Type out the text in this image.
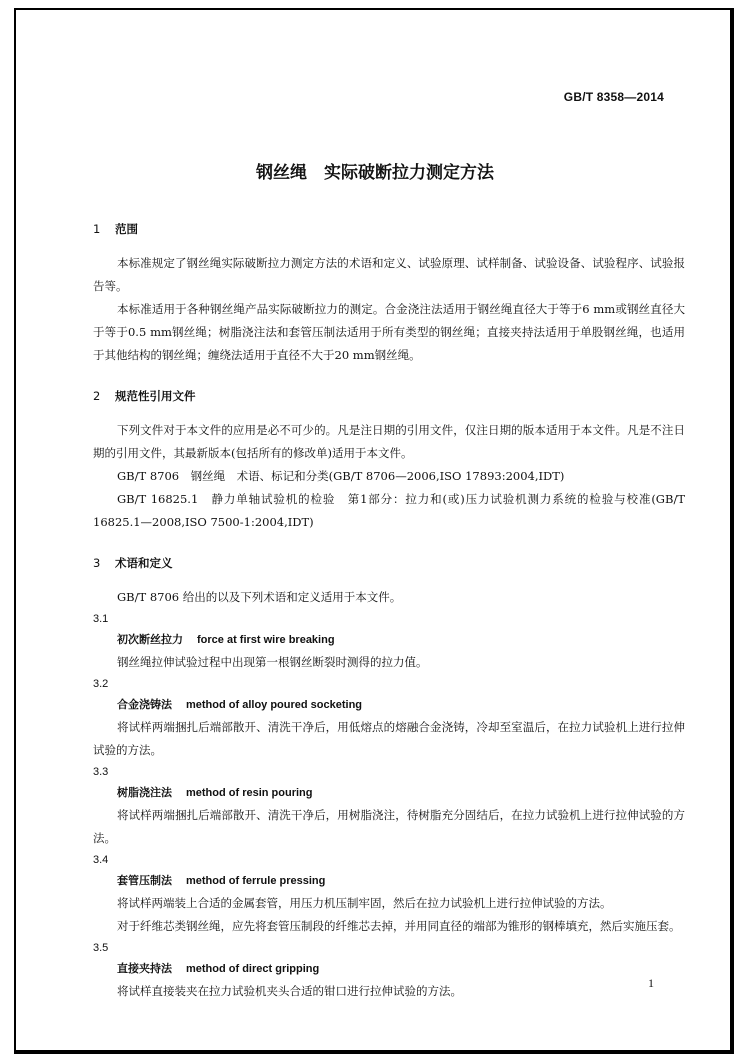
GB/T 8358—2014
钢丝绳　实际破断拉力测定方法

1 范围

本标准规定了钢丝绳实际破断拉力测定方法的术语和定义、试验原理、试样制备、试验设备、试验程序、试验报告等。

本标准适用于各种钢丝绳产品实际破断拉力的测定。合金浇注法适用于钢丝绳直径大于等于6 mm或钢丝直径大于等于0.5 mm钢丝绳；树脂浇注法和套管压制法适用于所有类型的钢丝绳；直接夹持法适用于单股钢丝绳，也适用于其他结构的钢丝绳；缠绕法适用于直径不大于20 mm钢丝绳。

2 规范性引用文件

下列文件对于本文件的应用是必不可少的。凡是注日期的引用文件，仅注日期的版本适用于本文件。凡是不注日期的引用文件，其最新版本(包括所有的修改单)适用于本文件。

GB/T 8706　钢丝绳　术语、标记和分类(GB/T 8706—2006,ISO 17893:2004,IDT)

GB/T 16825.1　静力单轴试验机的检验　第1部分：拉力和(或)压力试验机测力系统的检验与校准(GB/T 16825.1—2008,ISO 7500-1:2004,IDT)

3 术语和定义

GB/T 8706 给出的以及下列术语和定义适用于本文件。

3.1

初次断丝拉力 force at first wire breaking

钢丝绳拉伸试验过程中出现第一根钢丝断裂时测得的拉力值。

3.2

合金浇铸法 method of alloy poured socketing

将试样两端捆扎后端部散开、清洗干净后，用低熔点的熔融合金浇铸，冷却至室温后，在拉力试验机上进行拉伸试验的方法。

3.3

树脂浇注法 method of resin pouring

将试样两端捆扎后端部散开、清洗干净后，用树脂浇注，待树脂充分固结后，在拉力试验机上进行拉伸试验的方法。

3.4

套管压制法 method of ferrule pressing

将试样两端装上合适的金属套管，用压力机压制牢固，然后在拉力试验机上进行拉伸试验的方法。

对于纤维芯类钢丝绳，应先将套管压制段的纤维芯去掉，并用同直径的端部为锥形的钢棒填充，然后实施压套。

3.5

直接夹持法 method of direct gripping

将试样直接装夹在拉力试验机夹头合适的钳口进行拉伸试验的方法。

1
